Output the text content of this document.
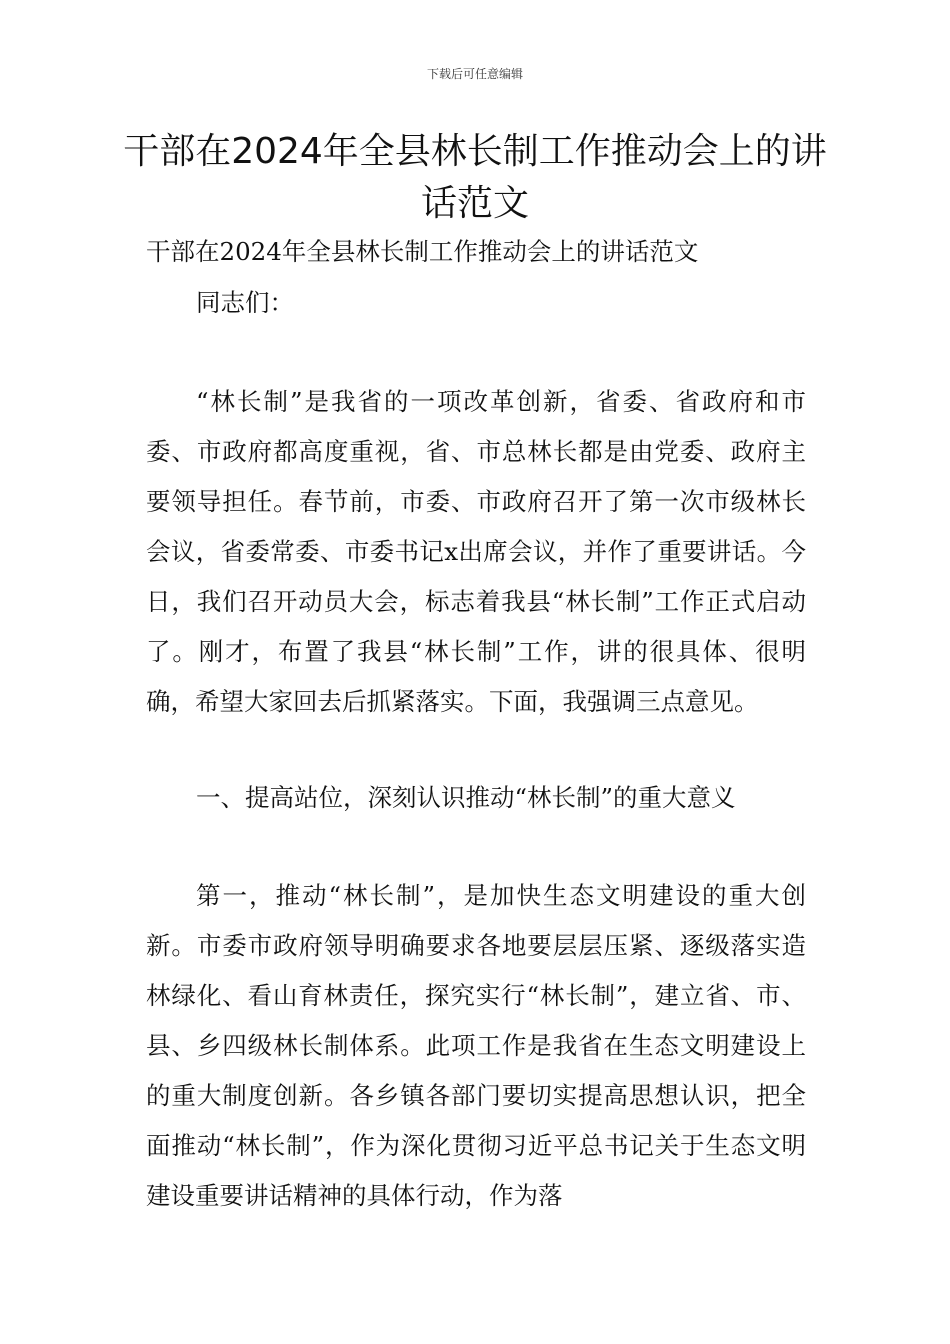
下载后可任意编辑
干部在2024年全县林长制工作推动会上的讲话范文

干部在2024年全县林长制工作推动会上的讲话范文

同志们：

“林长制”是我省的一项改革创新，省委、省政府和市委、市政府都高度重视，省、市总林长都是由党委、政府主要领导担任。春节前，市委、市政府召开了第一次市级林长会议，省委常委、市委书记x出席会议，并作了重要讲话。今日，我们召开动员大会，标志着我县“林长制”工作正式启动了。刚才，布置了我县“林长制”工作，讲的很具体、很明确，希望大家回去后抓紧落实。下面，我强调三点意见。

一、提高站位，深刻认识推动“林长制”的重大意义

第一，推动“林长制”，是加快生态文明建设的重大创新。市委市政府领导明确要求各地要层层压紧、逐级落实造林绿化、看山育林责任，探究实行“林长制”，建立省、市、县、乡四级林长制体系。此项工作是我省在生态文明建设上的重大制度创新。各乡镇各部门要切实提高思想认识，把全面推动“林长制”，作为深化贯彻习近平总书记关于生态文明建设重要讲话精神的具体行动，作为落
